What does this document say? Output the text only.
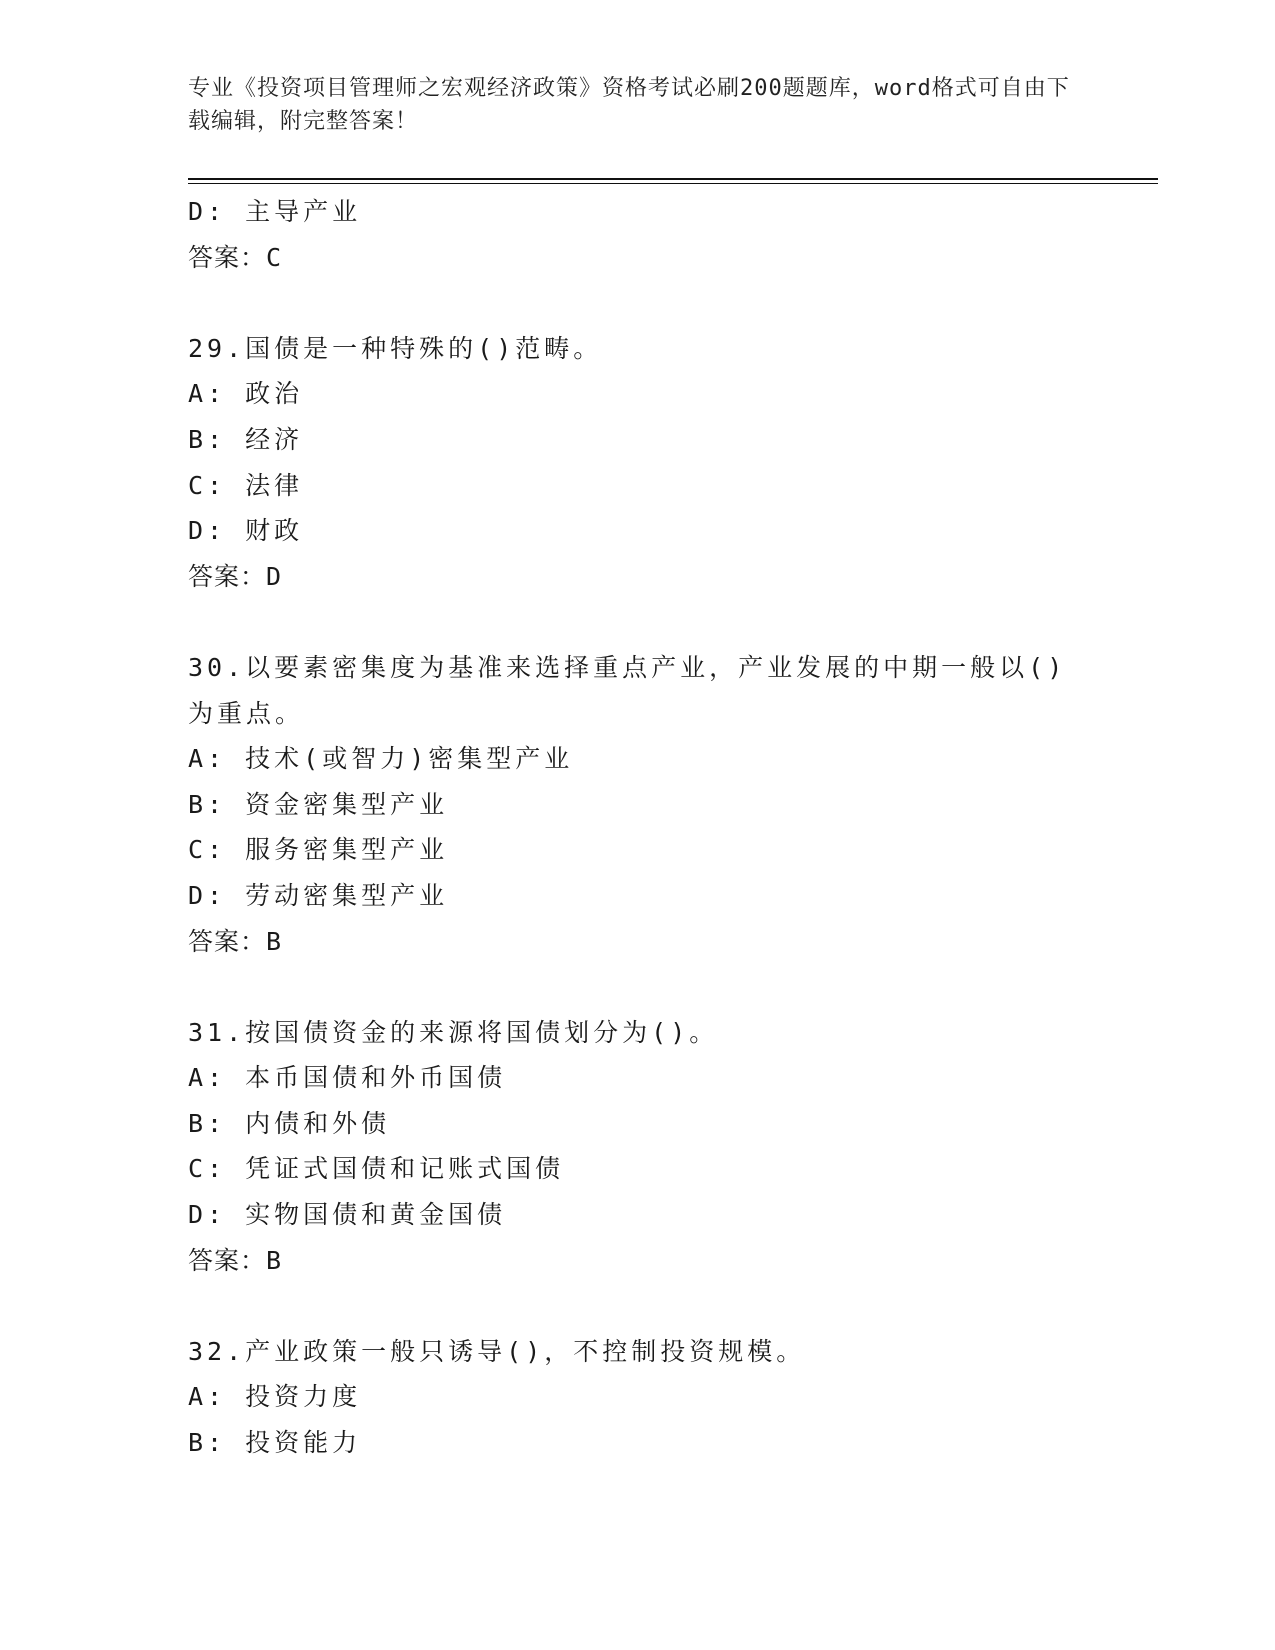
专业《投资项目管理师之宏观经济政策》资格考试必刷200题题库，word格式可自由下载编辑，附完整答案！
D: 主导产业
答案：C
29.国债是一种特殊的()范畴。
A: 政治
B: 经济
C: 法律
D: 财政
答案：D
30.以要素密集度为基准来选择重点产业，产业发展的中期一般以()为重点。
A: 技术(或智力)密集型产业
B: 资金密集型产业
C: 服务密集型产业
D: 劳动密集型产业
答案：B
31.按国债资金的来源将国债划分为()。
A: 本币国债和外币国债
B: 内债和外债
C: 凭证式国债和记账式国债
D: 实物国债和黄金国债
答案：B
32.产业政策一般只诱导()，不控制投资规模。
A: 投资力度
B: 投资能力
